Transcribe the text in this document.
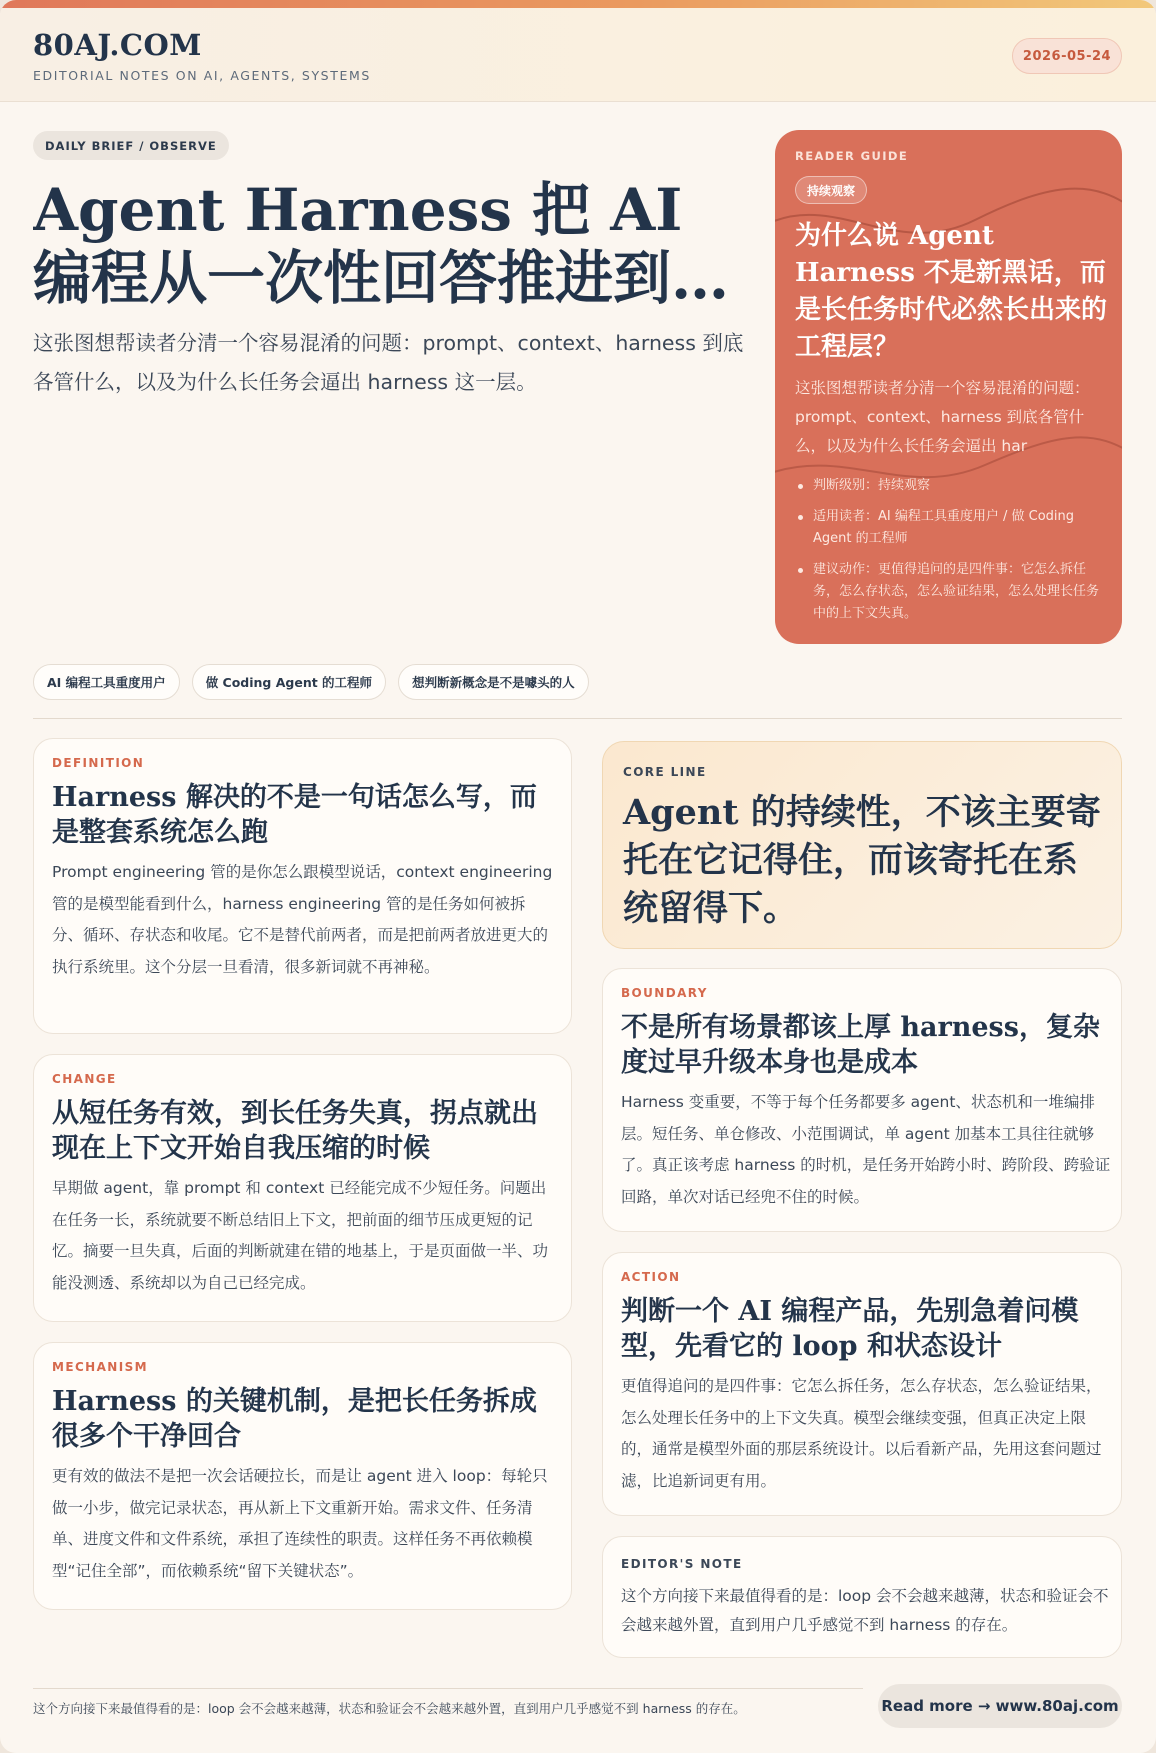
80AJ.COM
EDITORIAL NOTES ON AI, AGENTS, SYSTEMS
2026-05-24
DAILY BRIEF / OBSERVE
Agent Harness 把 AI 编程从一次性回答推进到循

这张图想帮读者分清一个容易混淆的问题：prompt、context、harness 到底各管什么，以及为什么长任务会逼出 harness 这一层。

READER GUIDE
持续观察
为什么说 Agent Harness 不是新黑话，而是长任务时代必然长出来的工程层？

这张图想帮读者分清一个容易混淆的问题：prompt、context、harness 到底各管什么，以及为什么长任务会逼出 har

判断级别：持续观察
适用读者：AI 编程工具重度用户 / 做 Coding Agent 的工程师
建议动作：更值得追问的是四件事：它怎么拆任务，怎么存状态，怎么验证结果，怎么处理长任务中的上下文失真。
AI 编程工具重度用户	做 Coding Agent 的工程师	想判断新概念是不是噱头的人
DEFINITION
Harness 解决的不是一句话怎么写，而是整套系统怎么跑

Prompt engineering 管的是你怎么跟模型说话，context engineering 管的是模型能看到什么，harness engineering 管的是任务如何被拆分、循环、存状态和收尾。它不是替代前两者，而是把前两者放进更大的执行系统里。这个分层一旦看清，很多新词就不再神秘。

CHANGE
从短任务有效，到长任务失真，拐点就出现在上下文开始自我压缩的时候

早期做 agent，靠 prompt 和 context 已经能完成不少短任务。问题出在任务一长，系统就要不断总结旧上下文，把前面的细节压成更短的记忆。摘要一旦失真，后面的判断就建在错的地基上，于是页面做一半、功能没测透、系统却以为自己已经完成。

MECHANISM
Harness 的关键机制，是把长任务拆成很多个干净回合

更有效的做法不是把一次会话硬拉长，而是让 agent 进入 loop：每轮只做一小步，做完记录状态，再从新上下文重新开始。需求文件、任务清单、进度文件和文件系统，承担了连续性的职责。这样任务不再依赖模型“记住全部”，而依赖系统“留下关键状态”。

CORE LINE

Agent 的持续性，不该主要寄托在它记得住，而该寄托在系统留得下。

BOUNDARY
不是所有场景都该上厚 harness，复杂度过早升级本身也是成本

Harness 变重要，不等于每个任务都要多 agent、状态机和一堆编排层。短任务、单仓修改、小范围调试，单 agent 加基本工具往往就够了。真正该考虑 harness 的时机，是任务开始跨小时、跨阶段、跨验证回路，单次对话已经兜不住的时候。

ACTION
判断一个 AI 编程产品，先别急着问模型，先看它的 loop 和状态设计

更值得追问的是四件事：它怎么拆任务，怎么存状态，怎么验证结果，怎么处理长任务中的上下文失真。模型会继续变强，但真正决定上限的，通常是模型外面的那层系统设计。以后看新产品，先用这套问题过滤，比追新词更有用。

EDITOR'S NOTE

这个方向接下来最值得看的是：loop 会不会越来越薄，状态和验证会不会越来越外置，直到用户几乎感觉不到 harness 的存在。

这个方向接下来最值得看的是：loop 会不会越来越薄，状态和验证会不会越来越外置，直到用户几乎感觉不到 harness 的存在。	Read more → www.80aj.com
